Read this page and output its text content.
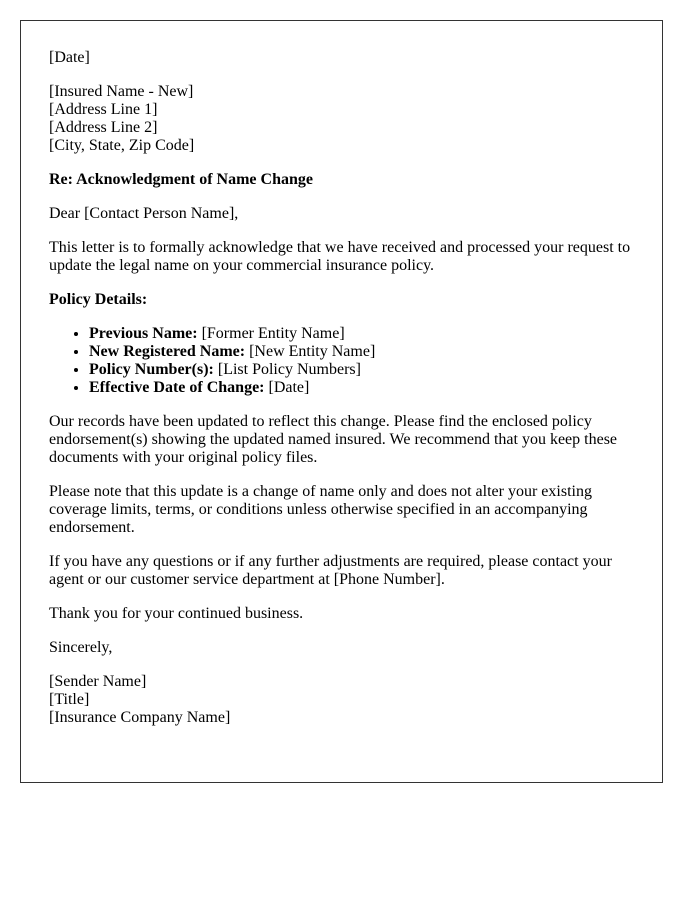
[Date]

[Insured Name - New]
[Address Line 1]
[Address Line 2]
[City, State, Zip Code]

Re: Acknowledgment of Name Change

Dear [Contact Person Name],

This letter is to formally acknowledge that we have received and processed your request to update the legal name on your commercial insurance policy.

Policy Details:

• Previous Name: [Former Entity Name]
• New Registered Name: [New Entity Name]
• Policy Number(s): [List Policy Numbers]
• Effective Date of Change: [Date]

Our records have been updated to reflect this change. Please find the enclosed policy endorsement(s) showing the updated named insured. We recommend that you keep these documents with your original policy files.

Please note that this update is a change of name only and does not alter your existing coverage limits, terms, or conditions unless otherwise specified in an accompanying endorsement.

If you have any questions or if any further adjustments are required, please contact your agent or our customer service department at [Phone Number].

Thank you for your continued business.

Sincerely,

[Sender Name]
[Title]
[Insurance Company Name]
